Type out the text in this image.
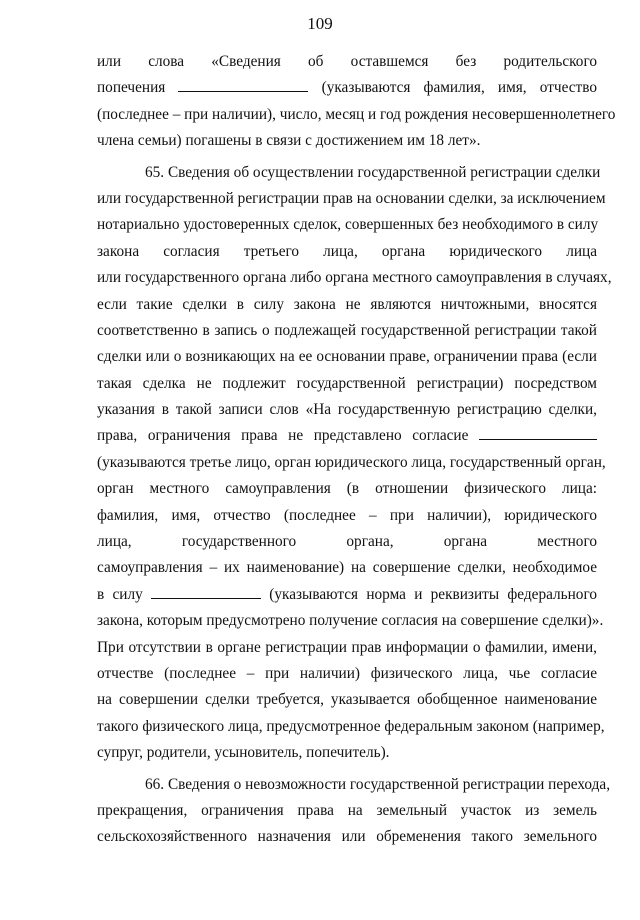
109
или слова «Сведения об оставшемся без родительского
попечения	(указываются фамилия, имя, отчество
(последнее – при наличии), число, месяц и год рождения несовершеннолетнего
члена семьи) погашены в связи с достижением им 18 лет».
65. Сведения об осуществлении государственной регистрации сделки
или государственной регистрации прав на основании сделки, за исключением
нотариально удостоверенных сделок, совершенных без необходимого в силу
закона согласия третьего лица, органа юридического лица
или государственного органа либо органа местного самоуправления в случаях,
если такие сделки в силу закона не являются ничтожными, вносятся
соответственно в запись о подлежащей государственной регистрации такой
сделки или о возникающих на ее основании праве, ограничении права (если
такая сделка не подлежит государственной регистрации) посредством
указания в такой записи слов «На государственную регистрацию сделки,
права, ограничения права не представлено согласие
(указываются третье лицо, орган юридического лица, государственный орган,
орган местного самоуправления (в отношении физического лица:
фамилия, имя, отчество (последнее – при наличии), юридического
лица, государственного органа, органа местного
самоуправления – их наименование) на совершение сделки, необходимое
в силу	(указываются норма и реквизиты федерального
закона, которым предусмотрено получение согласия на совершение сделки)».
При отсутствии в органе регистрации прав информации о фамилии, имени,
отчестве (последнее – при наличии) физического лица, чье согласие
на совершении сделки требуется, указывается обобщенное наименование
такого физического лица, предусмотренное федеральным законом (например,
супруг, родители, усыновитель, попечитель).
66. Сведения о невозможности государственной регистрации перехода,
прекращения, ограничения права на земельный участок из земель
сельскохозяйственного назначения или обременения такого земельного
